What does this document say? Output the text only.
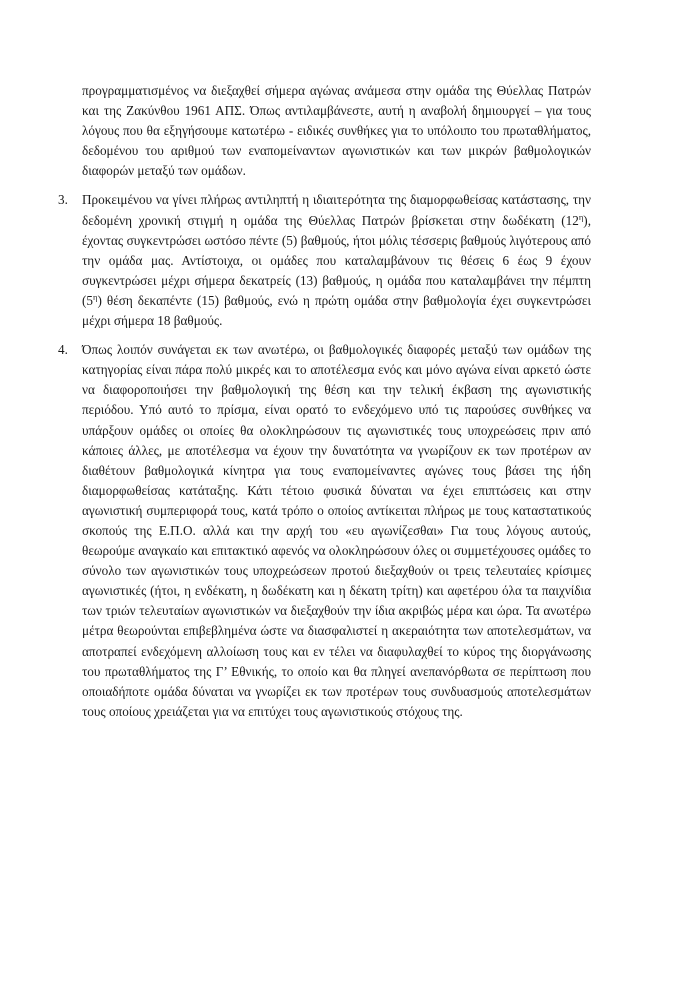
προγραμματισμένος να διεξαχθεί σήμερα αγώνας ανάμεσα στην ομάδα της Θύελλας Πατρών και της Ζακύνθου 1961 ΑΠΣ. Όπως αντιλαμβάνεστε, αυτή η αναβολή δημιουργεί – για τους λόγους που θα εξηγήσουμε κατωτέρω - ειδικές συνθήκες για το υπόλοιπο του πρωταθλήματος, δεδομένου του αριθμού των εναπομείναντων αγωνιστικών και των μικρών βαθμολογικών διαφορών μεταξύ των ομάδων.

3.	Προκειμένου να γίνει πλήρως αντιληπτή η ιδιαιτερότητα της διαμορφωθείσας κατάστασης, την δεδομένη χρονική στιγμή η ομάδα της Θύελλας Πατρών βρίσκεται στην δωδέκατη $(12^\eta)$, έχοντας συγκεντρώσει ωστόσο πέντε (5) βαθμούς, ήτοι μόλις τέσσερις βαθμούς λιγότερους από την ομάδα μας. Αντίστοιχα, οι ομάδες που καταλαμβάνουν τις θέσεις 6 έως 9 έχουν συγκεντρώσει μέχρι σήμερα δεκατρείς (13) βαθμούς, η ομάδα που καταλαμβάνει την πέμπτη $(5^\eta)$ θέση δεκαπέντε (15) βαθμούς, ενώ η πρώτη ομάδα στην βαθμολογία έχει συγκεντρώσει μέχρι σήμερα 18 βαθμούς.

4.	Όπως λοιπόν συνάγεται εκ των ανωτέρω, οι βαθμολογικές διαφορές μεταξύ των ομάδων της κατηγορίας είναι πάρα πολύ μικρές και το αποτέλεσμα ενός και μόνο αγώνα είναι αρκετό ώστε να διαφοροποιήσει την βαθμολογική της θέση και την τελική έκβαση της αγωνιστικής περιόδου. Υπό αυτό το πρίσμα, είναι ορατό το ενδεχόμενο υπό τις παρούσες συνθήκες να υπάρξουν ομάδες οι οποίες θα ολοκληρώσουν τις αγωνιστικές τους υποχρεώσεις πριν από κάποιες άλλες, με αποτέλεσμα να έχουν την δυνατότητα να γνωρίζουν εκ των προτέρων αν διαθέτουν βαθμολογικά κίνητρα για τους εναπομείναντες αγώνες τους βάσει της ήδη διαμορφωθείσας κατάταξης. Κάτι τέτοιο φυσικά δύναται να έχει επιπτώσεις και στην αγωνιστική συμπεριφορά τους, κατά τρόπο ο οποίος αντίκειται πλήρως με τους καταστατικούς σκοπούς της Ε.Π.Ο. αλλά και την αρχή του «ευ αγωνίζεσθαι» Για τους λόγους αυτούς, θεωρούμε αναγκαίο και επιτακτικό αφενός να ολοκληρώσουν όλες οι συμμετέχουσες ομάδες το σύνολο των αγωνιστικών τους υποχρεώσεων προτού διεξαχθούν οι τρεις τελευταίες κρίσιμες αγωνιστικές (ήτοι, η ενδέκατη, η δωδέκατη και η δέκατη τρίτη) και αφετέρου όλα τα παιχνίδια των τριών τελευταίων αγωνιστικών να διεξαχθούν την ίδια ακριβώς μέρα και ώρα. Τα ανωτέρω μέτρα θεωρούνται επιβεβλημένα ώστε να διασφαλιστεί η ακεραιότητα των αποτελεσμάτων, να αποτραπεί ενδεχόμενη αλλοίωση τους και εν τέλει να διαφυλαχθεί το κύρος της διοργάνωσης του πρωταθλήματος της Γ’ Εθνικής, το οποίο και θα πληγεί ανεπανόρθωτα σε περίπτωση που οποιαδήποτε ομάδα δύναται να γνωρίζει εκ των προτέρων τους συνδυασμούς αποτελεσμάτων τους οποίους χρειάζεται για να επιτύχει τους αγωνιστικούς στόχους της.
